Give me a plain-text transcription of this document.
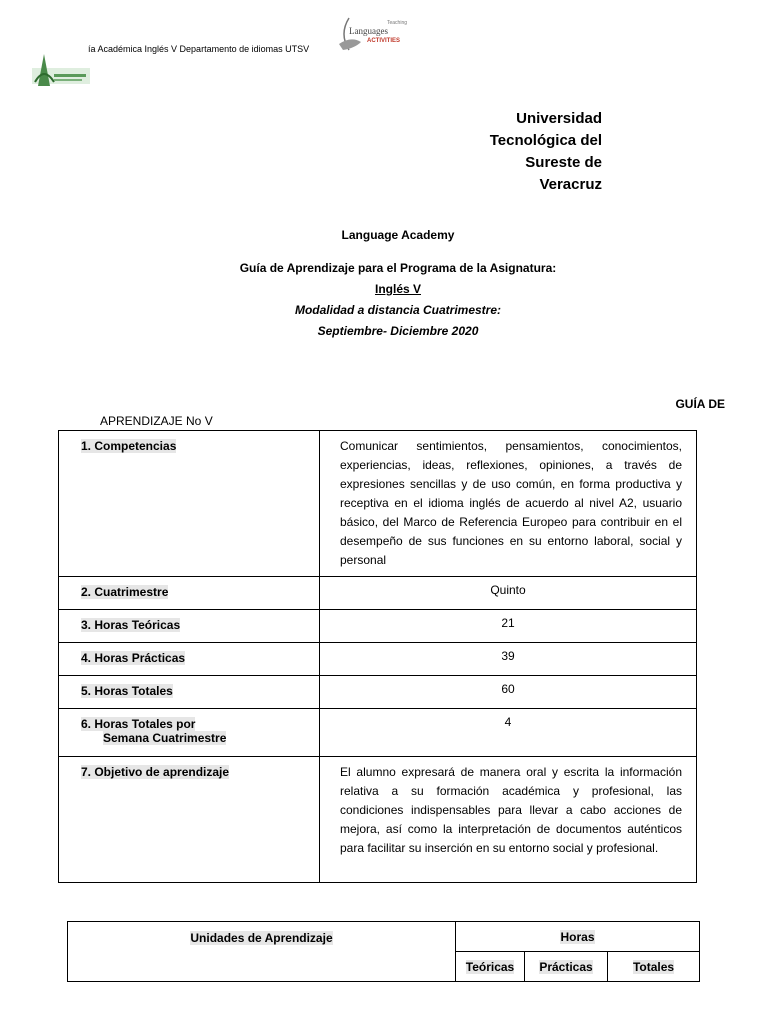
ía Académica Inglés V Departamento de idiomas UTSV
Teaching
Languages
ACTIVITIES
Universidad
Tecnológica del
Sureste de
Veracruz
Language Academy
Guía de Aprendizaje para el Programa de la Asignatura:
Inglés V
Modalidad a distancia Cuatrimestre:
Septiembre- Diciembre 2020
GUÍA DE
APRENDIZAJE No V
1. Competencias	Comunicar sentimientos, pensamientos, conocimientos, experiencias, ideas, reflexiones, opiniones, a través de expresiones sencillas y de uso común, en forma productiva y receptiva en el idioma inglés de acuerdo al nivel A2, usuario básico, del Marco de Referencia Europeo para contribuir en el desempeño de sus funciones en su entorno laboral, social y personal
2. Cuatrimestre	Quinto
3. Horas Teóricas	21
4. Horas Prácticas	39
5. Horas Totales	60
6. Horas Totales por
Semana Cuatrimestre	4
7. Objetivo de aprendizaje	El alumno expresará de manera oral y escrita la información relativa a su formación académica y profesional, las condiciones indispensables para llevar a cabo acciones de mejora, así como la interpretación de documentos auténticos para facilitar su inserción en su entorno social y profesional.
Unidades de Aprendizaje	Horas		
	Teóricas	Prácticas	Totales
